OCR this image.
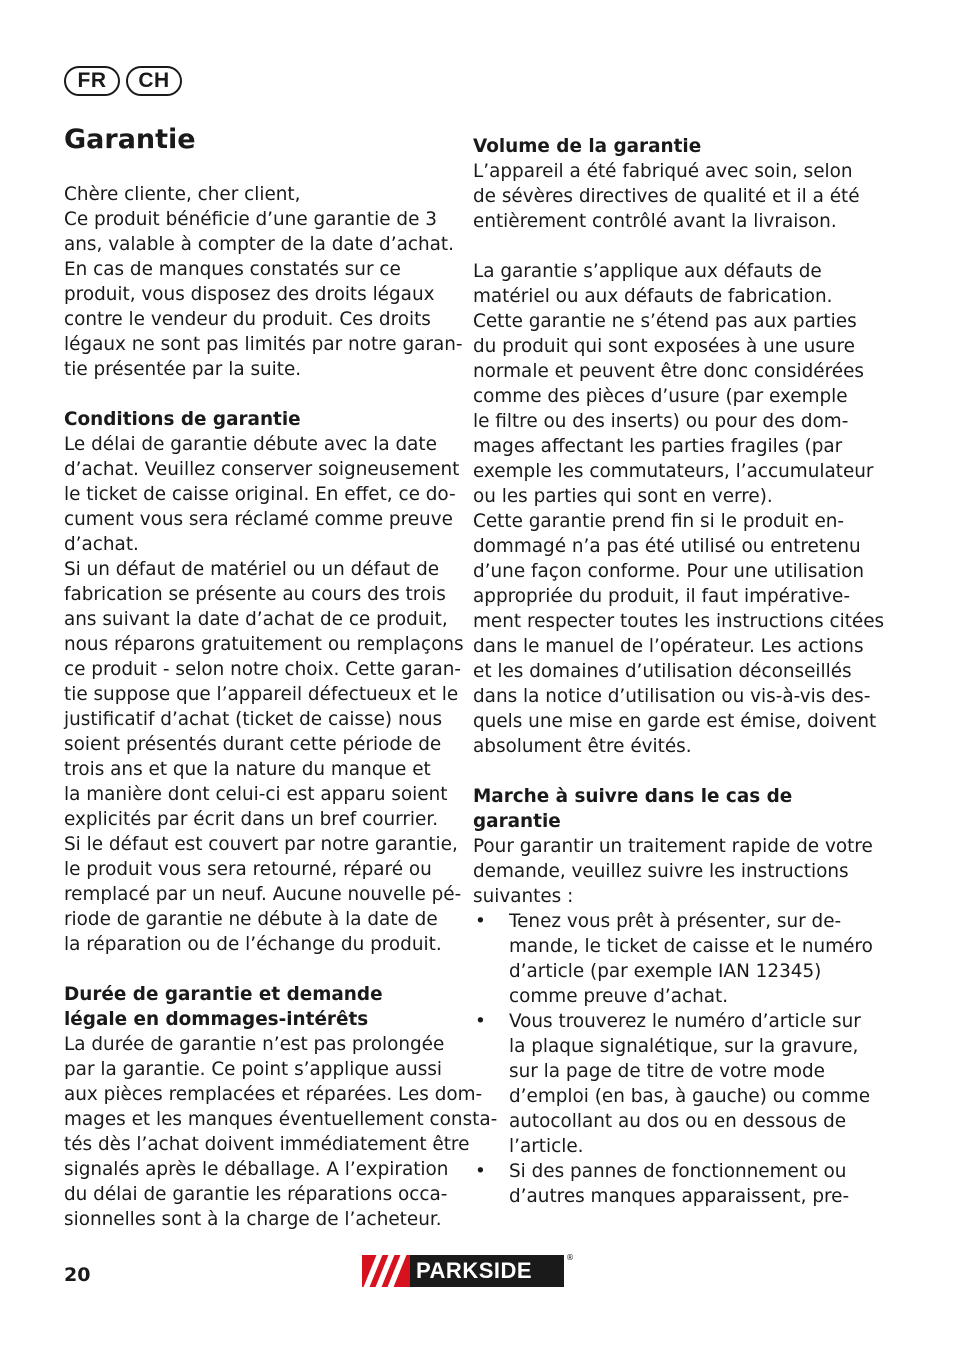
FR	CH
Garantie
Chère cliente, cher client,
Ce produit bénéficie d’une garantie de 3
ans, valable à compter de la date d’achat.
En cas de manques constatés sur ce
produit, vous disposez des droits légaux
contre le vendeur du produit. Ces droits
légaux ne sont pas limités par notre garan-
tie présentée par la suite.
Conditions de garantie
Le délai de garantie débute avec la date
d’achat. Veuillez conserver soigneusement
le ticket de caisse original. En effet, ce do-
cument vous sera réclamé comme preuve
d’achat.
Si un défaut de matériel ou un défaut de
fabrication se présente au cours des trois
ans suivant la date d’achat de ce produit,
nous réparons gratuitement ou remplaçons
ce produit - selon notre choix. Cette garan-
tie suppose que l’appareil défectueux et le
justificatif d’achat (ticket de caisse) nous
soient présentés durant cette période de
trois ans et que la nature du manque et
la manière dont celui-ci est apparu soient
explicités par écrit dans un bref courrier.
Si le défaut est couvert par notre garantie,
le produit vous sera retourné, réparé ou
remplacé par un neuf. Aucune nouvelle pé-
riode de garantie ne débute à la date de
la réparation ou de l’échange du produit.
Durée de garantie et demande
légale en dommages-intérêts
La durée de garantie n’est pas prolongée
par la garantie. Ce point s’applique aussi
aux pièces remplacées et réparées. Les dom-
mages et les manques éventuellement consta-
tés dès l’achat doivent immédiatement être
signalés après le déballage. A l’expiration
du délai de garantie les réparations occa-
sionnelles sont à la charge de l’acheteur.
Volume de la garantie
L’appareil a été fabriqué avec soin, selon
de sévères directives de qualité et il a été
entièrement contrôlé avant la livraison.
La garantie s’applique aux défauts de
matériel ou aux défauts de fabrication.
Cette garantie ne s’étend pas aux parties
du produit qui sont exposées à une usure
normale et peuvent être donc considérées
comme des pièces d’usure (par exemple
le filtre ou des inserts) ou pour des dom-
mages affectant les parties fragiles (par
exemple les commutateurs, l’accumulateur
ou les parties qui sont en verre).
Cette garantie prend fin si le produit en-
dommagé n’a pas été utilisé ou entretenu
d’une façon conforme. Pour une utilisation
appropriée du produit, il faut impérative-
ment respecter toutes les instructions citées
dans le manuel de l’opérateur. Les actions
et les domaines d’utilisation déconseillés
dans la notice d’utilisation ou vis-à-vis des-
quels une mise en garde est émise, doivent
absolument être évités.
Marche à suivre dans le cas de
garantie
Pour garantir un traitement rapide de votre
demande, veuillez suivre les instructions
suivantes :
• Tenez vous prêt à présenter, sur de-
mande, le ticket de caisse et le numéro
d’article (par exemple IAN 12345)
comme preuve d’achat.
• Vous trouverez le numéro d’article sur
la plaque signalétique, sur la gravure,
sur la page de titre de votre mode
d’emploi (en bas, à gauche) ou comme
autocollant au dos ou en dessous de
l’article.
• Si des pannes de fonctionnement ou
d’autres manques apparaissent, pre-
20	PARKSIDE
®
